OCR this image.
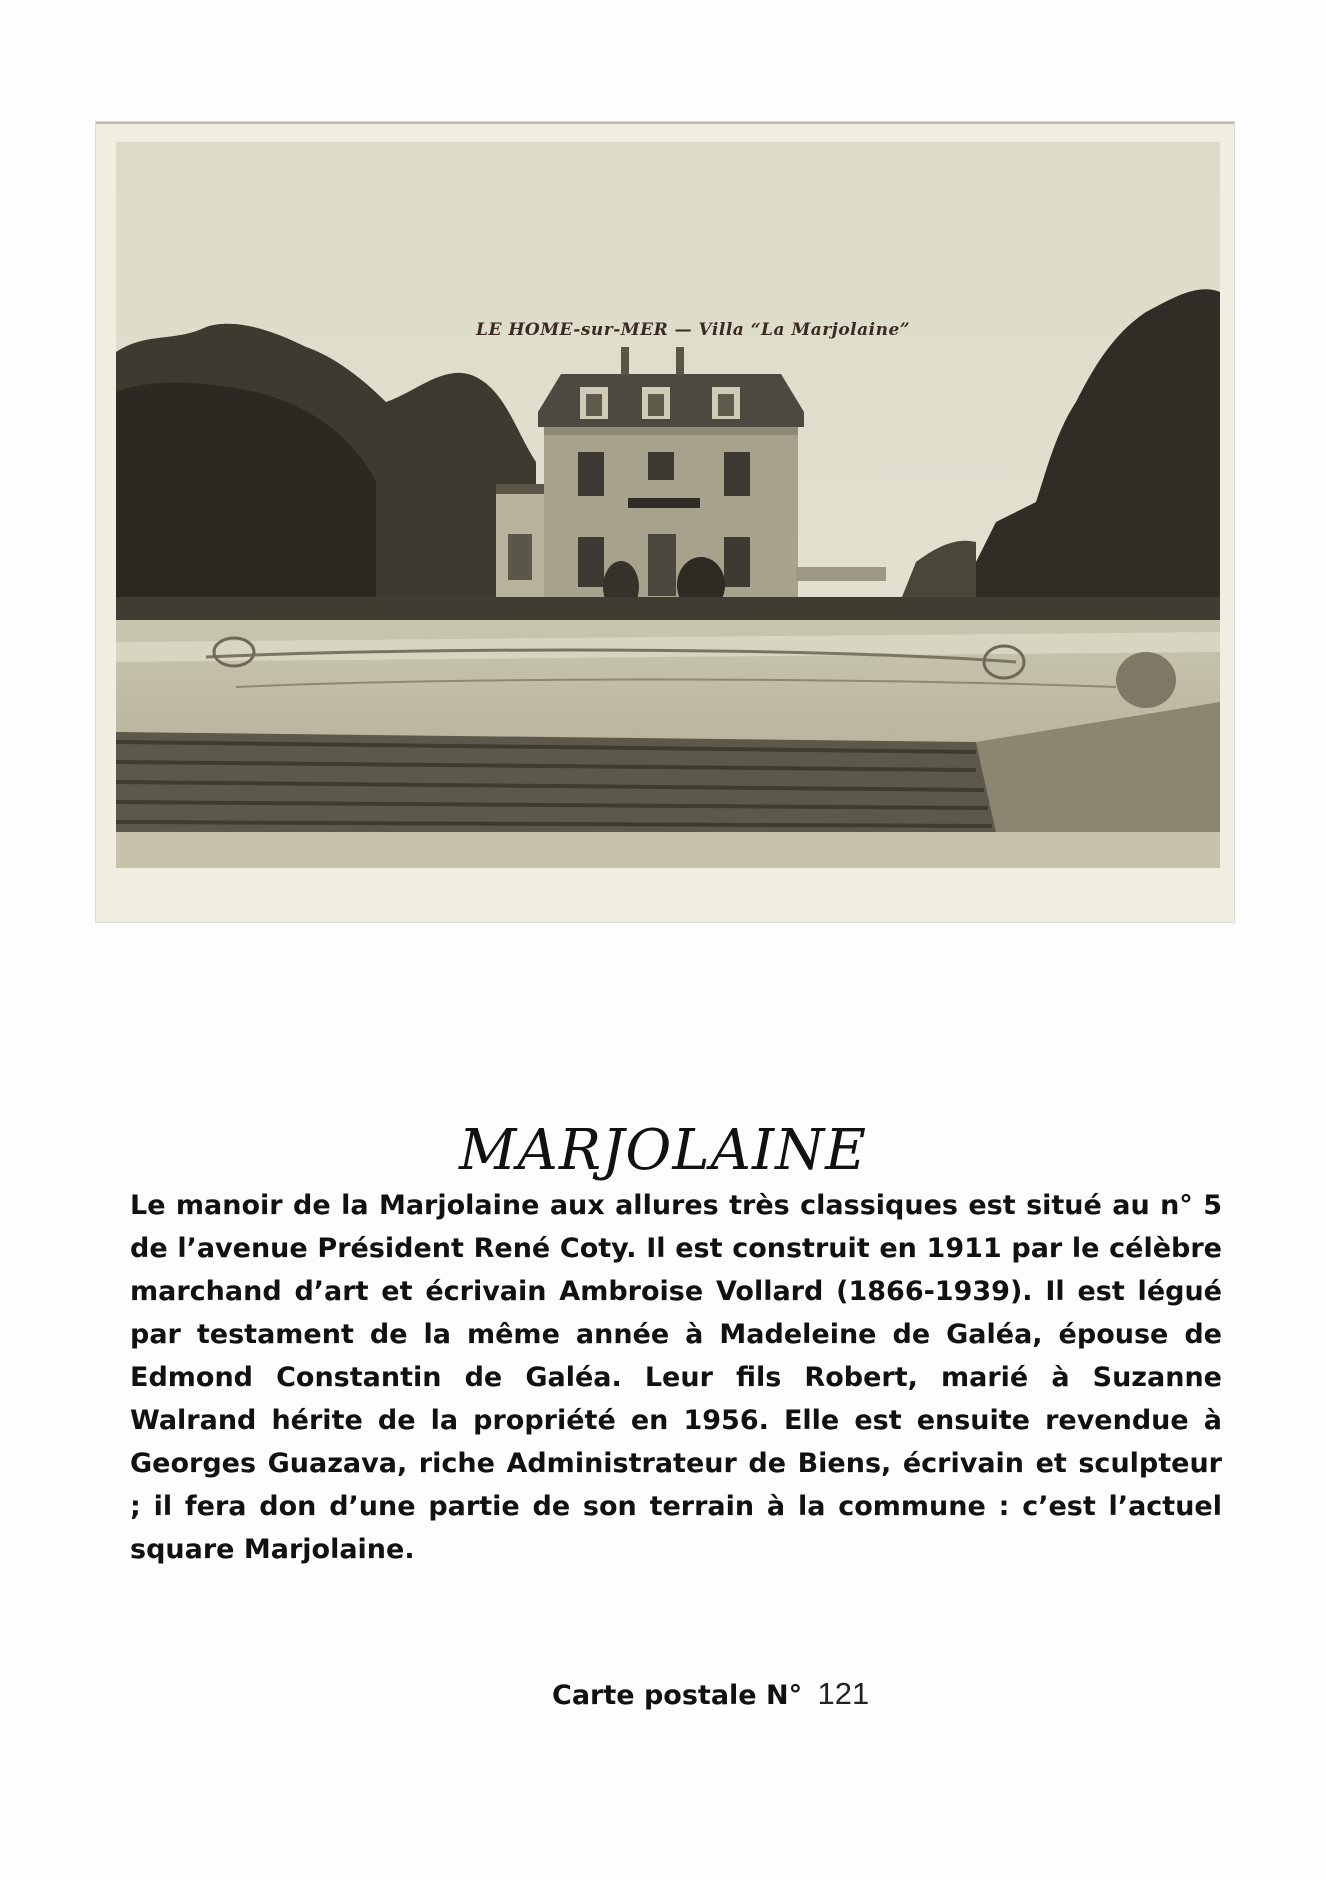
LE HOME-sur-MER — Villa “La Marjolaine”
MARJOLAINE

Le manoir de la Marjolaine aux allures très classiques est situé au n° 5 de l’avenue Président René Coty. Il est construit en 1911 par le célèbre marchand d’art et écrivain Ambroise Vollard (1866-1939). Il est légué par testament de la même année à Madeleine de Galéa, épouse de Edmond Constantin de Galéa. Leur fils Robert, marié à Suzanne Walrand hérite de la propriété en 1956. Elle est ensuite revendue à Georges Guazava, riche Administrateur de Biens, écrivain et sculpteur ; il fera don d’une partie de son terrain à la commune : c’est l’actuel square Marjolaine.

Carte postale N° 121
